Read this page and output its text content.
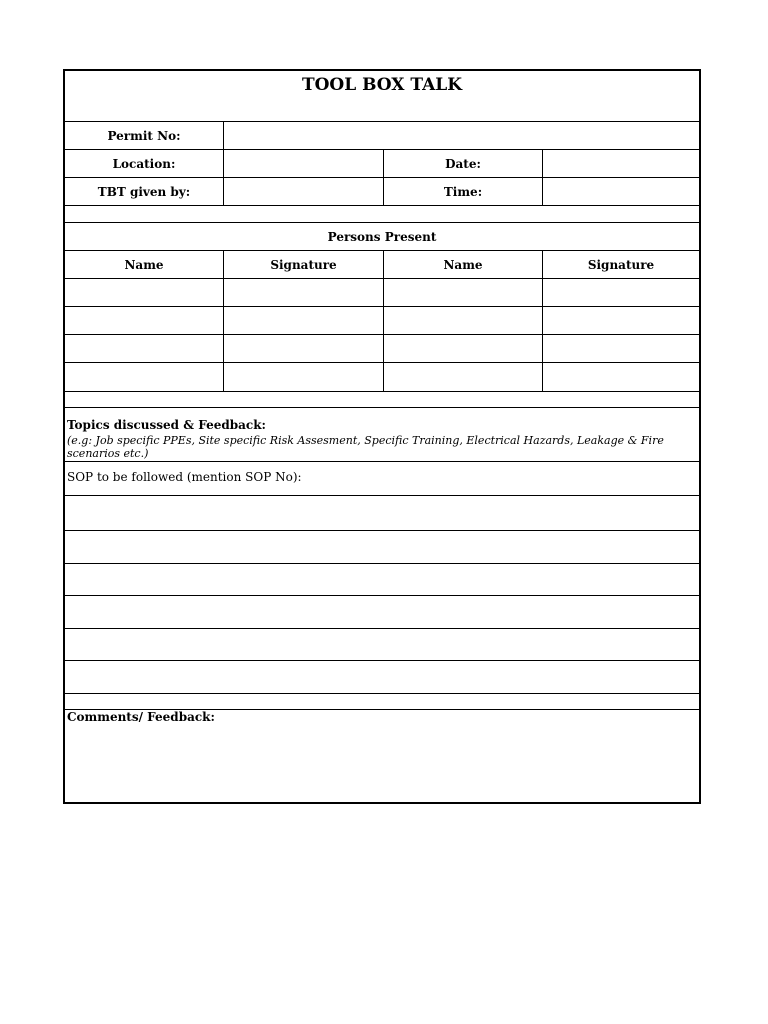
TOOL BOX TALK
Permit No:
Location:	Date:
TBT given by:	Time:
Persons Present
Name	Signature	Name	Signature
Topics discussed & Feedback:
(e.g: Job specific PPEs, Site specific Risk Assesment, Specific Training, Electrical Hazards, Leakage & Fire scenarios etc.)
SOP to be followed (mention SOP No):
Comments/ Feedback:
